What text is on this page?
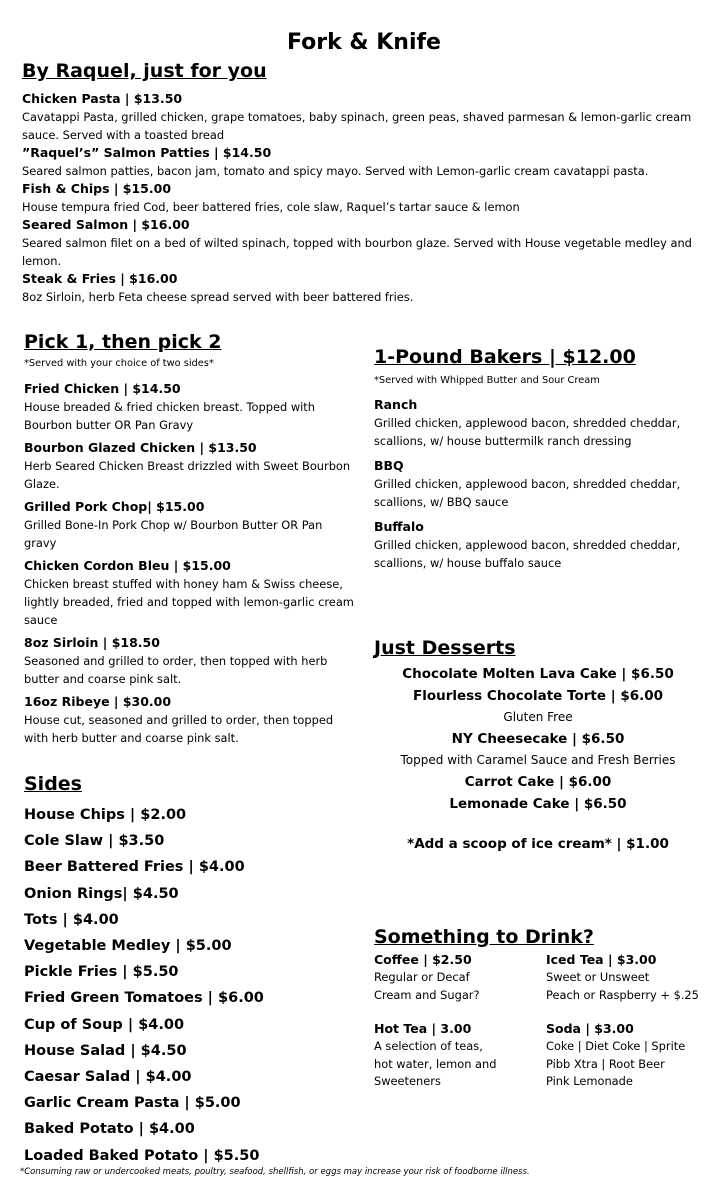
Fork & Knife
By Raquel, just for you
Chicken Pasta | $13.50
Cavatappi Pasta, grilled chicken, grape tomatoes, baby spinach, green peas, shaved parmesan & lemon-garlic cream sauce. Served with a toasted bread
”Raquel’s” Salmon Patties | $14.50
Seared salmon patties, bacon jam, tomato and spicy mayo. Served with Lemon-garlic cream cavatappi pasta.
Fish & Chips | $15.00
House tempura fried Cod, beer battered fries, cole slaw, Raquel’s tartar sauce & lemon
Seared Salmon | $16.00
Seared salmon filet on a bed of wilted spinach, topped with bourbon glaze. Served with House vegetable medley and lemon.
Steak & Fries | $16.00
8oz Sirloin, herb Feta cheese spread served with beer battered fries.
Pick 1, then pick 2
*Served with your choice of two sides*
Fried Chicken | $14.50
House breaded & fried chicken breast. Topped with Bourbon butter OR Pan Gravy
Bourbon Glazed Chicken | $13.50
Herb Seared Chicken Breast drizzled with Sweet Bourbon Glaze.
Grilled Pork Chop| $15.00
Grilled Bone-In Pork Chop w/ Bourbon Butter OR Pan gravy
Chicken Cordon Bleu | $15.00
Chicken breast stuffed with honey ham & Swiss cheese, lightly breaded, fried and topped with lemon-garlic cream sauce
8oz Sirloin | $18.50
Seasoned and grilled to order, then topped with herb butter and coarse pink salt.
16oz Ribeye | $30.00
House cut, seasoned and grilled to order, then topped with herb butter and coarse pink salt.
1-Pound Bakers | $12.00
*Served with Whipped Butter and Sour Cream
Ranch
Grilled chicken, applewood bacon, shredded cheddar, scallions, w/ house buttermilk ranch dressing
BBQ
Grilled chicken, applewood bacon, shredded cheddar, scallions, w/ BBQ sauce
Buffalo
Grilled chicken, applewood bacon, shredded cheddar, scallions, w/ house buffalo sauce
Sides
House Chips | $2.00
Cole Slaw | $3.50
Beer Battered Fries | $4.00
Onion Rings| $4.50
Tots | $4.00
Vegetable Medley | $5.00
Pickle Fries | $5.50
Fried Green Tomatoes | $6.00
Cup of Soup | $4.00
House Salad | $4.50
Caesar Salad | $4.00
Garlic Cream Pasta | $5.00
Baked Potato | $4.00
Loaded Baked Potato | $5.50
Just Desserts
Chocolate Molten Lava Cake | $6.50
Flourless Chocolate Torte | $6.00
Gluten Free
NY Cheesecake | $6.50
Topped with Caramel Sauce and Fresh Berries
Carrot Cake | $6.00
Lemonade Cake | $6.50
*Add a scoop of ice cream* | $1.00
Something to Drink?
Coffee | $2.50
Regular or Decaf
Cream and Sugar?
Iced Tea | $3.00
Sweet or Unsweet
Peach or Raspberry + $.25
Hot Tea | 3.00
A selection of teas,
hot water, lemon and
Sweeteners
Soda | $3.00
Coke | Diet Coke | Sprite
Pibb Xtra | Root Beer
Pink Lemonade
*Consuming raw or undercooked meats, poultry, seafood, shellfish, or eggs may increase your risk of foodborne illness.
